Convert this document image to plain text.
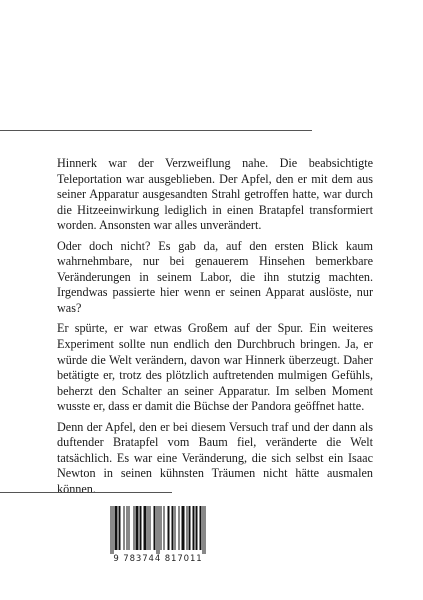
Hinnerk war der Verzweiflung nahe. Die beabsichtigte Teleportation war ausgeblieben. Der Apfel, den er mit dem aus seiner Apparatur ausgesandten Strahl getroffen hatte, war durch die Hitzeeinwirkung lediglich in einen Bratapfel transformiert worden. Ansonsten war alles unverändert.

Oder doch nicht? Es gab da, auf den ersten Blick kaum wahrnehmbare, nur bei genauerem Hinsehen bemerkbare Veränderungen in seinem Labor, die ihn stutzig machten. Irgendwas passierte hier wenn er seinen Apparat auslöste, nur was?

Er spürte, er war etwas Großem auf der Spur. Ein weiteres Experiment sollte nun endlich den Durchbruch bringen. Ja, er würde die Welt verändern, davon war Hinnerk überzeugt. Daher betätigte er, trotz des plötzlich auftretenden mulmigen Gefühls, beherzt den Schalter an seiner Apparatur. Im selben Moment wusste er, dass er damit die Büchse der Pandora geöffnet hatte.

Denn der Apfel, den er bei diesem Versuch traf und der dann als duftender Bratapfel vom Baum fiel, veränderte die Welt tatsächlich. Es war eine Veränderung, die sich selbst ein Isaac Newton in seinen kühnsten Träumen nicht hätte ausmalen können.

9 783744 817011
